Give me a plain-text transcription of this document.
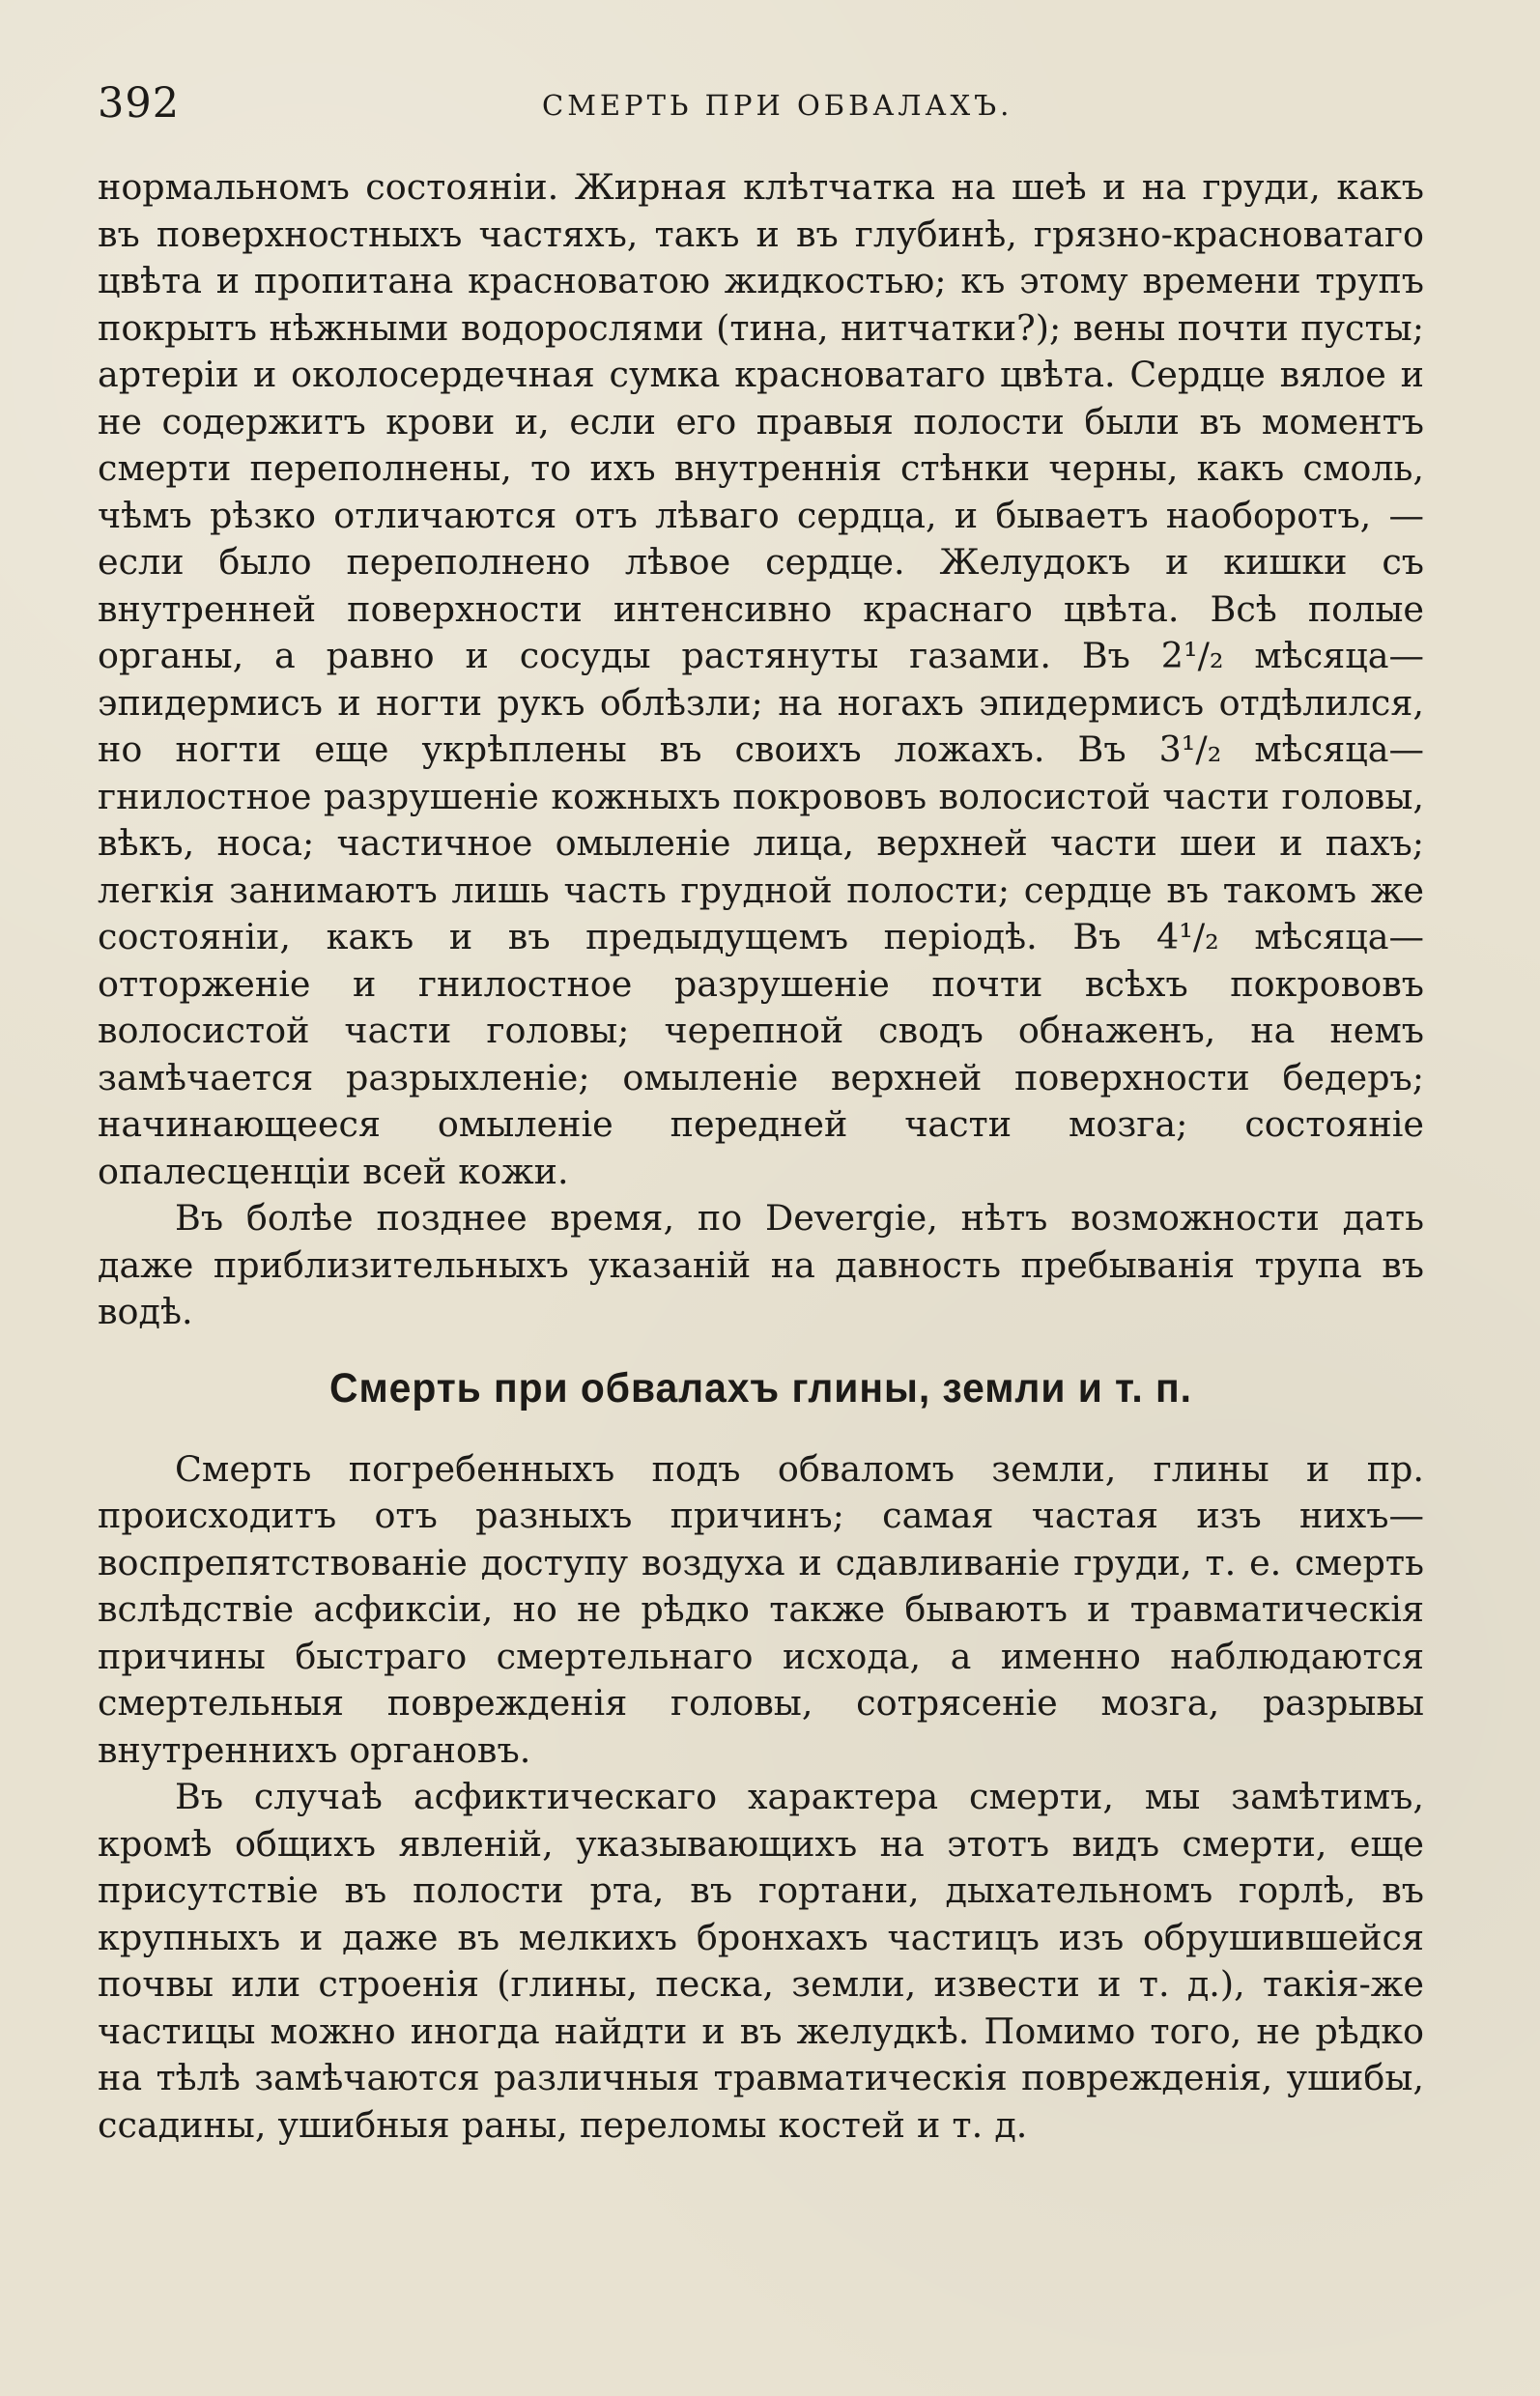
392	СМЕРТЬ ПРИ ОБВАЛАХЪ.

нормальномъ состояніи. Жирная клѣтчатка на шеѣ и на груди, какъ въ поверхностныхъ частяхъ, такъ и въ глубинѣ, грязно-красноватаго цвѣта и пропитана красноватою жидкостью; къ этому времени трупъ покрытъ нѣжными водорослями (тина, нитчатки?); вены почти пусты; артеріи и околосердечная сумка красноватаго цвѣта. Сердце вялое и не содержитъ крови и, если его правыя полости были въ моментъ смерти переполнены, то ихъ внутреннія стѣнки черны, какъ смоль, чѣмъ рѣзко отличаются отъ лѣваго сердца, и бываетъ наоборотъ, — если было переполнено лѣвое сердце. Желудокъ и кишки съ внутренней поверхности интенсивно краснаго цвѣта. Всѣ полые органы, а равно и сосуды растянуты газами. Въ 2¹/₂ мѣсяца—эпидермисъ и ногти рукъ облѣзли; на ногахъ эпидермисъ отдѣлился, но ногти еще укрѣплены въ своихъ ложахъ. Въ 3¹/₂ мѣсяца—гнилостное разрушеніе кожныхъ покрововъ волосистой части головы, вѣкъ, носа; частичное омыленіе лица, верхней части шеи и пахъ; легкія занимаютъ лишь часть грудной полости; сердце въ такомъ же состояніи, какъ и въ предыдущемъ періодѣ. Въ 4¹/₂ мѣсяца—отторженіе и гнилостное разрушеніе почти всѣхъ покрововъ волосистой части головы; черепной сводъ обнаженъ, на немъ замѣчается разрыхленіе; омыленіе верхней поверхности бедеръ; начинающееся омыленіе передней части мозга; состояніе опалесценціи всей кожи.

Въ болѣе позднее время, по Devergie, нѣтъ возможности дать даже приблизительныхъ указаній на давность пребыванія трупа въ водѣ.

Смерть при обвалахъ глины, земли и т. п.

Смерть погребенныхъ подъ обваломъ земли, глины и пр. происходитъ отъ разныхъ причинъ; самая частая изъ нихъ—воспрепятствованіе доступу воздуха и сдавливаніе груди, т. е. смерть вслѣдствіе асфиксіи, но не рѣдко также бываютъ и травматическія причины быстраго смертельнаго исхода, а именно наблюдаются смертельныя поврежденія головы, сотрясеніе мозга, разрывы внутреннихъ органовъ.

Въ случаѣ асфиктическаго характера смерти, мы замѣтимъ, кромѣ общихъ явленій, указывающихъ на этотъ видъ смерти, еще присутствіе въ полости рта, въ гортани, дыхательномъ горлѣ, въ крупныхъ и даже въ мелкихъ бронхахъ частицъ изъ обрушившейся почвы или строенія (глины, песка, земли, извести и т. д.), такія-же частицы можно иногда найдти и въ желудкѣ. Помимо того, не рѣдко на тѣлѣ замѣчаются различныя травматическія поврежденія, ушибы, ссадины, ушибныя раны, переломы костей и т. д.
